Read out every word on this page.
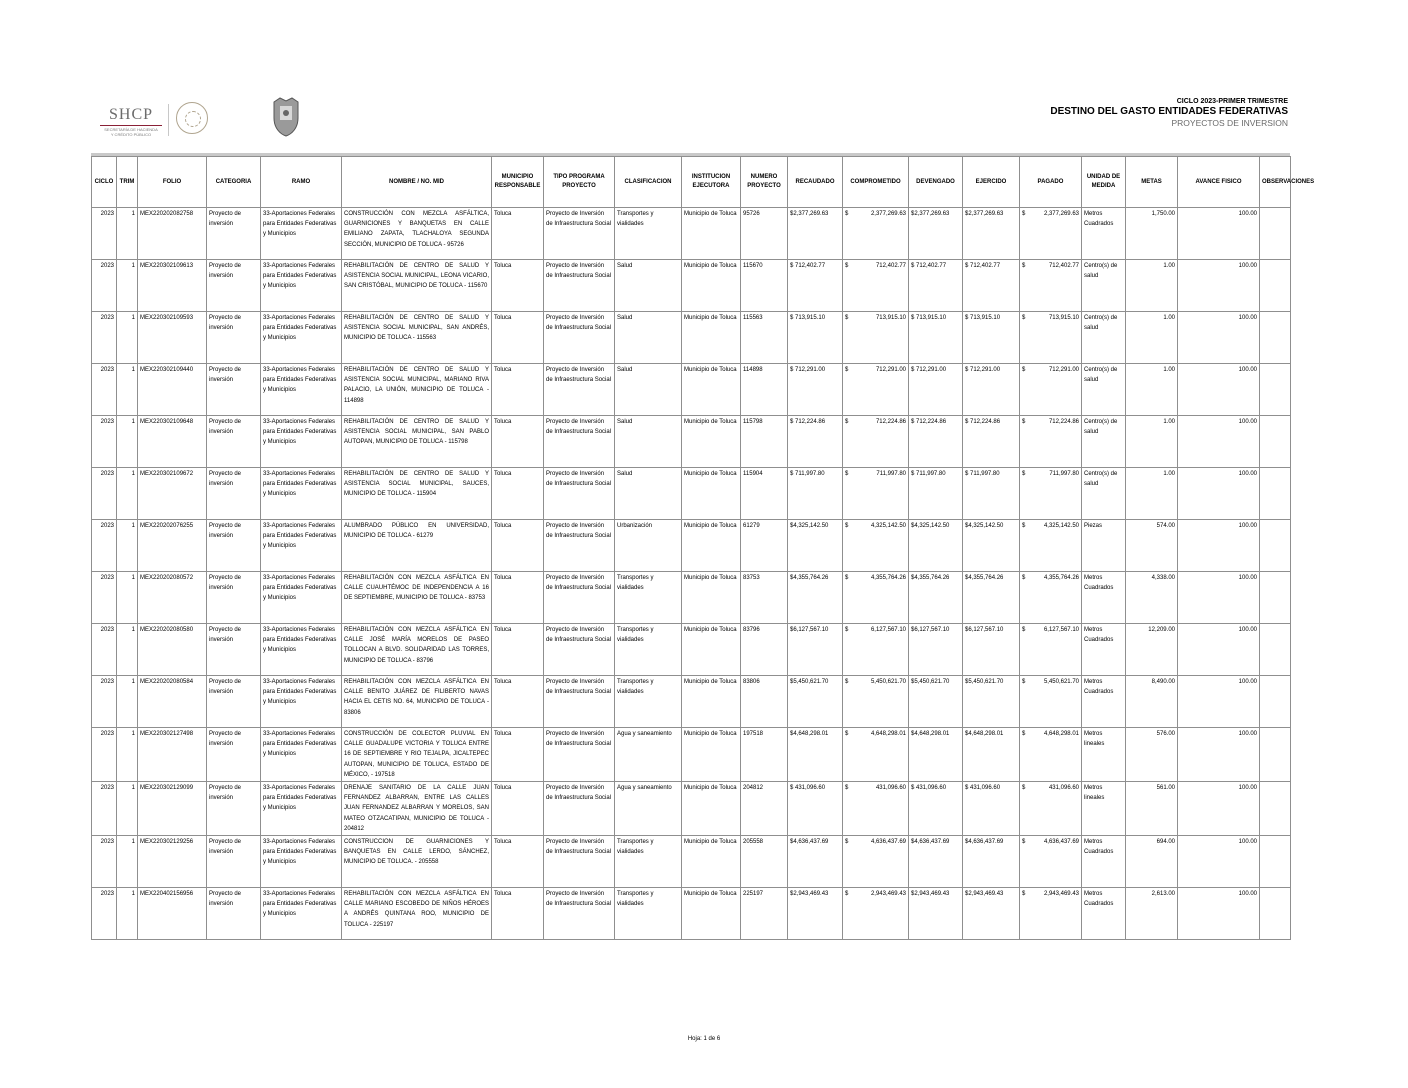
SHCP
SECRETARÍA DE HACIENDA
Y CRÉDITO PÚBLICO
CICLO 2023-PRIMER TRIMESTRE
DESTINO DEL GASTO ENTIDADES FEDERATIVAS
PROYECTOS DE INVERSION
CICLO	TRIM	FOLIO	CATEGORIA	RAMO	NOMBRE / NO. MID	MUNICIPIO RESPONSABLE	TIPO PROGRAMA PROYECTO	CLASIFICACION	INSTITUCION EJECUTORA	NUMERO PROYECTO	RECAUDADO	COMPROMETIDO	DEVENGADO	EJERCIDO	PAGADO	UNIDAD DE MEDIDA	METAS	AVANCE FISICO	OBSERVACIONES
2023	1	MEX220202082758	Proyecto de inversión	33-Aportaciones Federales para Entidades Federativas y Municipios	CONSTRUCCIÓN CON MEZCLA ASFÁLTICA, GUARNICIONES Y BANQUETAS EN CALLE EMILIANO ZAPATA, TLACHALOYA SEGUNDA SECCIÓN, MUNICIPIO DE TOLUCA - 95726	Toluca	Proyecto de Inversión de Infraestructura Social	Transportes y vialidades	Municipio de Toluca	95726	$2,377,269.63	$ 2,377,269.63	$2,377,269.63	$2,377,269.63	$ 2,377,269.63	Metros Cuadrados	1,750.00	100.00	
2023	1	MEX220302109613	Proyecto de inversión	33-Aportaciones Federales para Entidades Federativas y Municipios	REHABILITACIÓN DE CENTRO DE SALUD Y ASISTENCIA SOCIAL MUNICIPAL, LEONA VICARIO, SAN CRISTÓBAL, MUNICIPIO DE TOLUCA - 115670	Toluca	Proyecto de Inversión de Infraestructura Social	Salud	Municipio de Toluca	115670	$ 712,402.77	$ 712,402.77	$ 712,402.77	$ 712,402.77	$ 712,402.77	Centro(s) de salud	1.00	100.00	
2023	1	MEX220302109593	Proyecto de inversión	33-Aportaciones Federales para Entidades Federativas y Municipios	REHABILITACIÓN DE CENTRO DE SALUD Y ASISTENCIA SOCIAL MUNICIPAL, SAN ANDRÉS, MUNICIPIO DE TOLUCA - 115563	Toluca	Proyecto de Inversión de Infraestructura Social	Salud	Municipio de Toluca	115563	$ 713,915.10	$ 713,915.10	$ 713,915.10	$ 713,915.10	$ 713,915.10	Centro(s) de salud	1.00	100.00	
2023	1	MEX220302109440	Proyecto de inversión	33-Aportaciones Federales para Entidades Federativas y Municipios	REHABILITACIÓN DE CENTRO DE SALUD Y ASISTENCIA SOCIAL MUNICIPAL, MARIANO RIVA PALACIO, LA UNIÓN, MUNICIPIO DE TOLUCA - 114898	Toluca	Proyecto de Inversión de Infraestructura Social	Salud	Municipio de Toluca	114898	$ 712,291.00	$ 712,291.00	$ 712,291.00	$ 712,291.00	$ 712,291.00	Centro(s) de salud	1.00	100.00	
2023	1	MEX220302109648	Proyecto de inversión	33-Aportaciones Federales para Entidades Federativas y Municipios	REHABILITACIÓN DE CENTRO DE SALUD Y ASISTENCIA SOCIAL MUNICIPAL, SAN PABLO AUTOPAN, MUNICIPIO DE TOLUCA - 115798	Toluca	Proyecto de Inversión de Infraestructura Social	Salud	Municipio de Toluca	115798	$ 712,224.86	$ 712,224.86	$ 712,224.86	$ 712,224.86	$ 712,224.86	Centro(s) de salud	1.00	100.00	
2023	1	MEX220302109672	Proyecto de inversión	33-Aportaciones Federales para Entidades Federativas y Municipios	REHABILITACIÓN DE CENTRO DE SALUD Y ASISTENCIA SOCIAL MUNICIPAL, SAUCES, MUNICIPIO DE TOLUCA - 115904	Toluca	Proyecto de Inversión de Infraestructura Social	Salud	Municipio de Toluca	115904	$ 711,997.80	$ 711,997.80	$ 711,997.80	$ 711,997.80	$ 711,997.80	Centro(s) de salud	1.00	100.00	
2023	1	MEX220202076255	Proyecto de inversión	33-Aportaciones Federales para Entidades Federativas y Municipios	ALUMBRADO PÚBLICO EN UNIVERSIDAD, MUNICIPIO DE TOLUCA - 61279	Toluca	Proyecto de Inversión de Infraestructura Social	Urbanización	Municipio de Toluca	61279	$4,325,142.50	$ 4,325,142.50	$4,325,142.50	$4,325,142.50	$ 4,325,142.50	Piezas	574.00	100.00	
2023	1	MEX220202080572	Proyecto de inversión	33-Aportaciones Federales para Entidades Federativas y Municipios	REHABILITACIÓN CON MEZCLA ASFÁLTICA EN CALLE CUAUHTÉMOC DE INDEPENDENCIA A 16 DE SEPTIEMBRE, MUNICIPIO DE TOLUCA - 83753	Toluca	Proyecto de Inversión de Infraestructura Social	Transportes y vialidades	Municipio de Toluca	83753	$4,355,764.26	$ 4,355,764.26	$4,355,764.26	$4,355,764.26	$ 4,355,764.26	Metros Cuadrados	4,338.00	100.00	
2023	1	MEX220202080580	Proyecto de inversión	33-Aportaciones Federales para Entidades Federativas y Municipios	REHABILITACIÓN CON MEZCLA ASFÁLTICA EN CALLE JOSÉ MARÍA MORELOS DE PASEO TOLLOCAN A BLVD. SOLIDARIDAD LAS TORRES, MUNICIPIO DE TOLUCA - 83796	Toluca	Proyecto de Inversión de Infraestructura Social	Transportes y vialidades	Municipio de Toluca	83796	$6,127,567.10	$ 6,127,567.10	$6,127,567.10	$6,127,567.10	$ 6,127,567.10	Metros Cuadrados	12,209.00	100.00	
2023	1	MEX220202080584	Proyecto de inversión	33-Aportaciones Federales para Entidades Federativas y Municipios	REHABILITACIÓN CON MEZCLA ASFÁLTICA EN CALLE BENITO JUÁREZ DE FILIBERTO NAVAS HACIA EL CETIS NO. 64, MUNICIPIO DE TOLUCA - 83806	Toluca	Proyecto de Inversión de Infraestructura Social	Transportes y vialidades	Municipio de Toluca	83806	$5,450,621.70	$ 5,450,621.70	$5,450,621.70	$5,450,621.70	$ 5,450,621.70	Metros Cuadrados	8,490.00	100.00	
2023	1	MEX220302127498	Proyecto de inversión	33-Aportaciones Federales para Entidades Federativas y Municipios	CONSTRUCCIÓN DE COLECTOR PLUVIAL EN CALLE GUADALUPE VICTORIA Y TOLUCA ENTRE 16 DE SEPTIEMBRE Y RIO TEJALPA, JICALTEPEC AUTOPAN, MUNICIPIO DE TOLUCA, ESTADO DE MÉXICO, - 197518	Toluca	Proyecto de Inversión de Infraestructura Social	Agua y saneamiento	Municipio de Toluca	197518	$4,648,298.01	$ 4,648,298.01	$4,648,298.01	$4,648,298.01	$ 4,648,298.01	Metros lineales	576.00	100.00	
2023	1	MEX220302129099	Proyecto de inversión	33-Aportaciones Federales para Entidades Federativas y Municipios	DRENAJE SANITARIO DE LA CALLE JUAN FERNANDEZ ALBARRAN, ENTRE LAS CALLES JUAN FERNANDEZ ALBARRAN Y MORELOS, SAN MATEO OTZACATIPAN, MUNICIPIO DE TOLUCA - 204812	Toluca	Proyecto de Inversión de Infraestructura Social	Agua y saneamiento	Municipio de Toluca	204812	$ 431,096.60	$ 431,096.60	$ 431,096.60	$ 431,096.60	$ 431,096.60	Metros lineales	561.00	100.00	
2023	1	MEX220302129256	Proyecto de inversión	33-Aportaciones Federales para Entidades Federativas y Municipios	CONSTRUCCION DE GUARNICIONES Y BANQUETAS EN CALLE LERDO, SÁNCHEZ, MUNICIPIO DE TOLUCA. - 205558	Toluca	Proyecto de Inversión de Infraestructura Social	Transportes y vialidades	Municipio de Toluca	205558	$4,636,437.69	$ 4,636,437.69	$4,636,437.69	$4,636,437.69	$ 4,636,437.69	Metros Cuadrados	694.00	100.00	
2023	1	MEX220402156956	Proyecto de inversión	33-Aportaciones Federales para Entidades Federativas y Municipios	REHABILITACIÓN CON MEZCLA ASFÁLTICA EN CALLE MARIANO ESCOBEDO DE NIÑOS HÉROES A ANDRÉS QUINTANA ROO, MUNICIPIO DE TOLUCA - 225197	Toluca	Proyecto de Inversión de Infraestructura Social	Transportes y vialidades	Municipio de Toluca	225197	$2,943,469.43	$ 2,943,469.43	$2,943,469.43	$2,943,469.43	$ 2,943,469.43	Metros Cuadrados	2,613.00	100.00	
Hoja: 1 de 6
